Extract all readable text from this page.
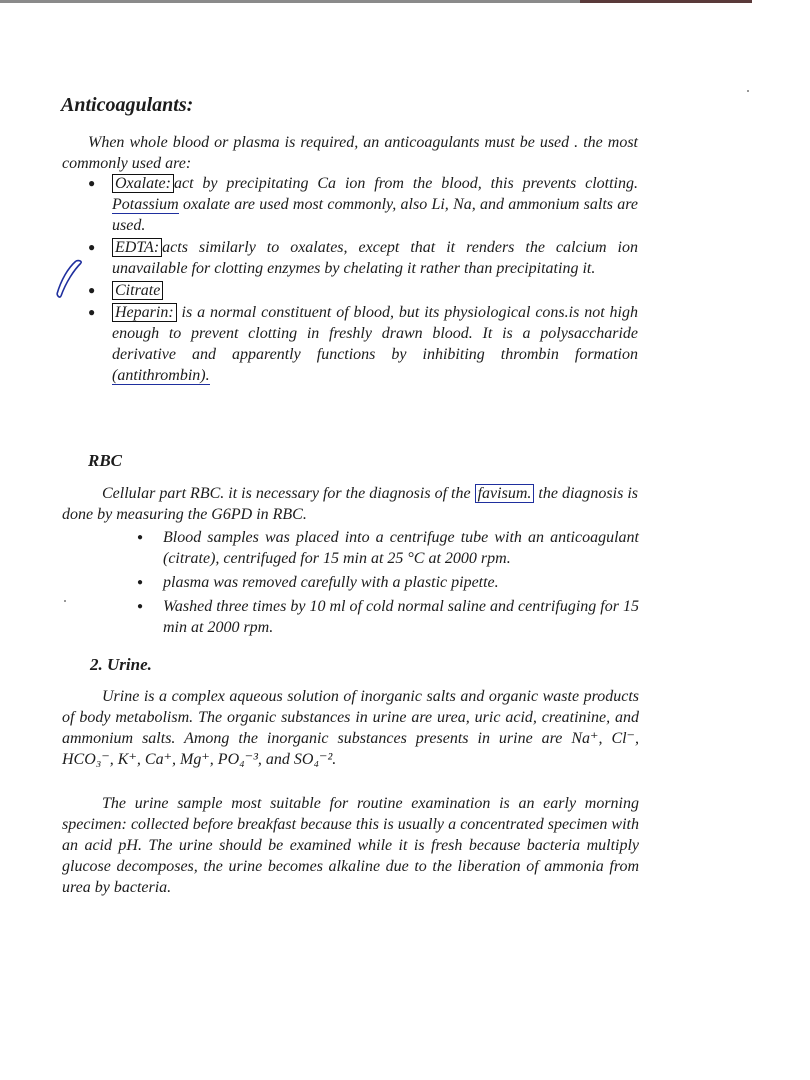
Anticoagulants:

When whole blood or plasma is required, an anticoagulants must be used . the most commonly used are:

● Oxalate: act by precipitating Ca ion from the blood, this prevents clotting. Potassium oxalate are used most commonly, also Li, Na, and ammonium salts are used.
● EDTA: acts similarly to oxalates, except that it renders the calcium ion unavailable for clotting enzymes by chelating it rather than precipitating it.
● Citrate
● Heparin: is a normal constituent of blood, but its physiological cons.is not high enough to prevent clotting in freshly drawn blood. It is a polysaccharide derivative and apparently functions by inhibiting thrombin formation (antithrombin).
RBC

Cellular part RBC. it is necessary for the diagnosis of the favisum. the diagnosis is done by measuring the G6PD in RBC.

● Blood samples was placed into a centrifuge tube with an anticoagulant (citrate), centrifuged for 15 min at 25 °C at 2000 rpm.
● plasma was removed carefully with a plastic pipette.
● Washed three times by 10 ml of cold normal saline and centrifuging for 15 min at 2000 rpm.
2. Urine.

Urine is a complex aqueous solution of inorganic salts and organic waste products of body metabolism. The organic substances in urine are urea, uric acid, creatinine, and ammonium salts. Among the inorganic substances presents in urine are Na⁺, Cl⁻, HCO₃⁻, K⁺, Ca⁺, Mg⁺, PO₄⁻³, and SO₄⁻².

The urine sample most suitable for routine examination is an early morning specimen: collected before breakfast because this is usually a concentrated specimen with an acid pH. The urine should be examined while it is fresh because bacteria multiply glucose decomposes, the urine becomes alkaline due to the liberation of ammonia from urea by bacteria.
